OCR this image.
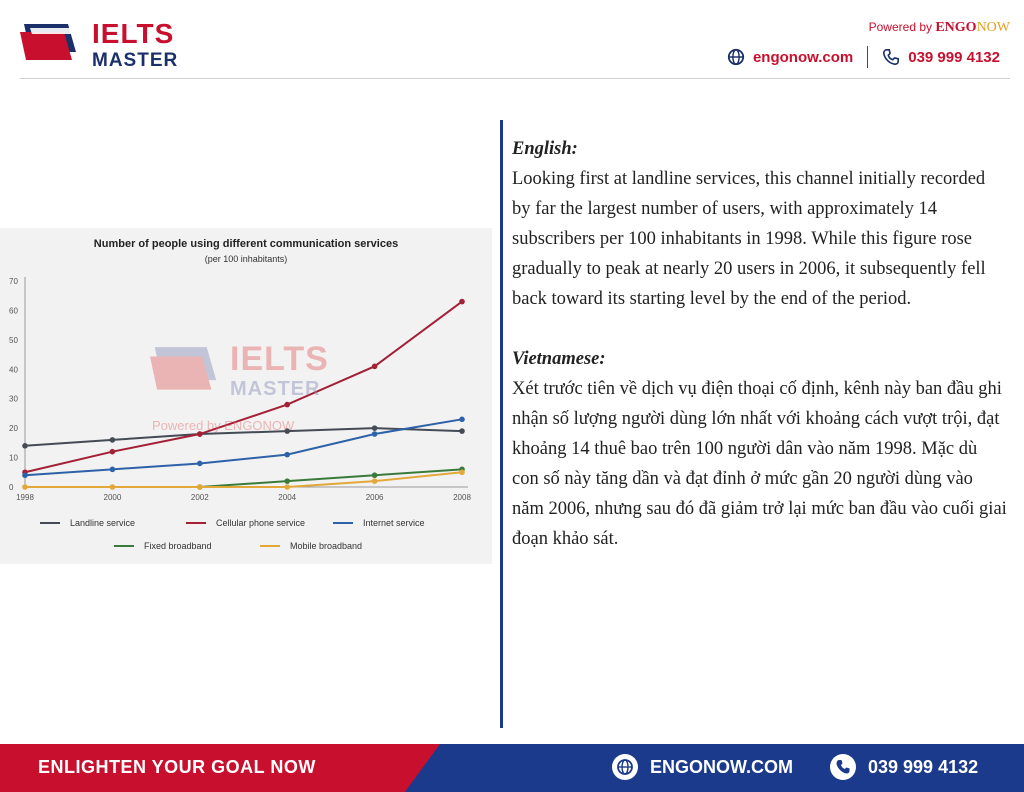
IELTS
MASTER
Powered by ENGONOW
engonow.com	039 999 4132
0
10
20
30
40
50
60
70
1998	2000	2002	2004	2006	2008
Number of people using different communication services
(per 100 inhabitants)
Landline service	Cellular phone service	Internet service
Fixed broadband	Mobile broadband
IELTS
MASTER
Powered by ENGONOW
English:

Looking first at landline services, this channel initially recorded by far the largest number of users, with approximately 14 subscribers per 100 inhabitants in 1998. While this figure rose gradually to peak at nearly 20 users in 2006, it subsequently fell back toward its starting level by the end of the period.

Vietnamese:

Xét trước tiên về dịch vụ điện thoại cố định, kênh này ban đầu ghi nhận số lượng người dùng lớn nhất với khoảng cách vượt trội, đạt khoảng 14 thuê bao trên 100 người dân vào năm 1998. Mặc dù con số này tăng dần và đạt đỉnh ở mức gần 20 người dùng vào năm 2006, nhưng sau đó đã giảm trở lại mức ban đầu vào cuối giai đoạn khảo sát.

ENLIGHTEN YOUR GOAL NOW	ENGONOW.COM	039 999 4132
